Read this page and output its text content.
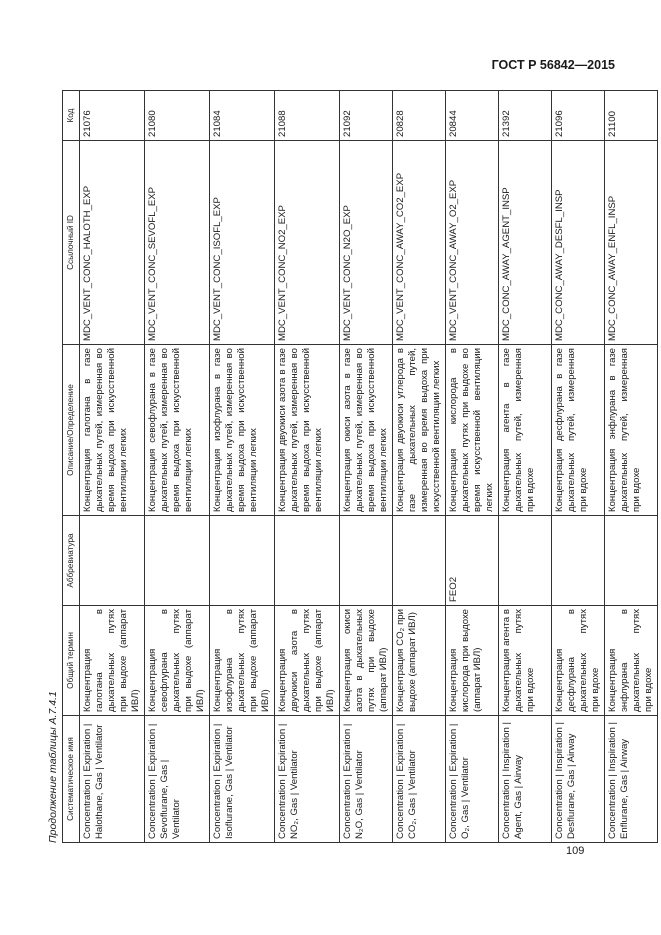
ГОСТ Р 56842—2015
Продолжение таблицы А.7.4.1 Систематическое имя	Общий термин	Аббревиатура	Описание/Определение	Ссылочный ID	Код
Concentration | Expiration | Halothane, Gas | Ventilator	Концентрация галотана в дыхательных путях при выдохе (аппарат ИВЛ)		Концентрация галотана в газе дыхательных путей, измеренная во время выдоха при искусственной вентиляции легких	MDC_VENT_CONC_HALOTH_EXP	21076
Concentration | Expiration | Sevoflurane, Gas | Ventilator	Концентрация севофлурана в дыхательных путях при выдохе (аппарат ИВЛ)		Концентрация севофлурана в газе дыхательных путей, измеренная во время выдоха при искусственной вентиляции легких	MDC_VENT_CONC_SEVOFL_EXP	21080
Concentration | Expiration | Isoflurane, Gas | Ventilator	Концентрация изофлурана в дыхательных путях при выдохе (аппарат ИВЛ)		Концентрация изофлурана в газе дыхательных путей, измеренная во время выдоха при искусственной вентиляции легких	MDC_VENT_CONC_ISOFL_EXP	21084
Concentration | Expiration | NO₂, Gas | Ventilator	Концентрация двуокиси азота в дыхательных путях при выдохе (аппарат ИВЛ)		Концентрация двуокиси азота в газе дыхательных путей, измеренная во время выдоха при искусственной вентиляции легких	MDC_VENT_CONC_NO2_EXP	21088
Concentration | Expiration | N₂O, Gas | Ventilator	Концентрация окиси азота в дыхательных путях при выдохе (аппарат ИВЛ)		Концентрация окиси азота в газе дыхательных путей, измеренная во время выдоха при искусственной вентиляции легких	MDC_VENT_CONC_N2O_EXP	21092
Concentration | Expiration | CO₂, Gas | Ventilator	Концентрация CO₂ при выдохе (аппарат ИВЛ)		Концентрация двуокиси углерода в газе дыхательных путей, измеренная во время выдоха при искусственной вентиляции легких	MDC_VENT_CONC_AWAY_CO2_EXP	20828
Concentration | Expiration | O₂, Gas | Ventilator	Концентрация кислорода при выдохе (аппарат ИВЛ)	FEO2	Концентрация кислорода в дыхательных путях при выдохе во время искусственной вентиляции легких	MDC_VENT_CONC_AWAY_O2_EXP	20844
Concentration | Inspiration | Agent, Gas | Airway	Концентрация агента в дыхательных путях при вдохе		Концентрация агента в газе дыхательных путей, измеренная при вдохе	MDC_CONC_AWAY_AGENT_INSP	21392
Concentration | Inspiration | Desflurane, Gas | Airway	Концентрация десфлурана в дыхательных путях при вдохе		Концентрация десфлурана в газе дыхательных путей, измеренная при вдохе	MDC_CONC_AWAY_DESFL_INSP	21096
Concentration | Inspiration | Enflurane, Gas | Airway	Концентрация энфлурана в дыхательных путях при вдохе		Концентрация энфлурана в газе дыхательных путей, измеренная при вдохе	MDC_CONC_AWAY_ENFL_INSP	21100
109
